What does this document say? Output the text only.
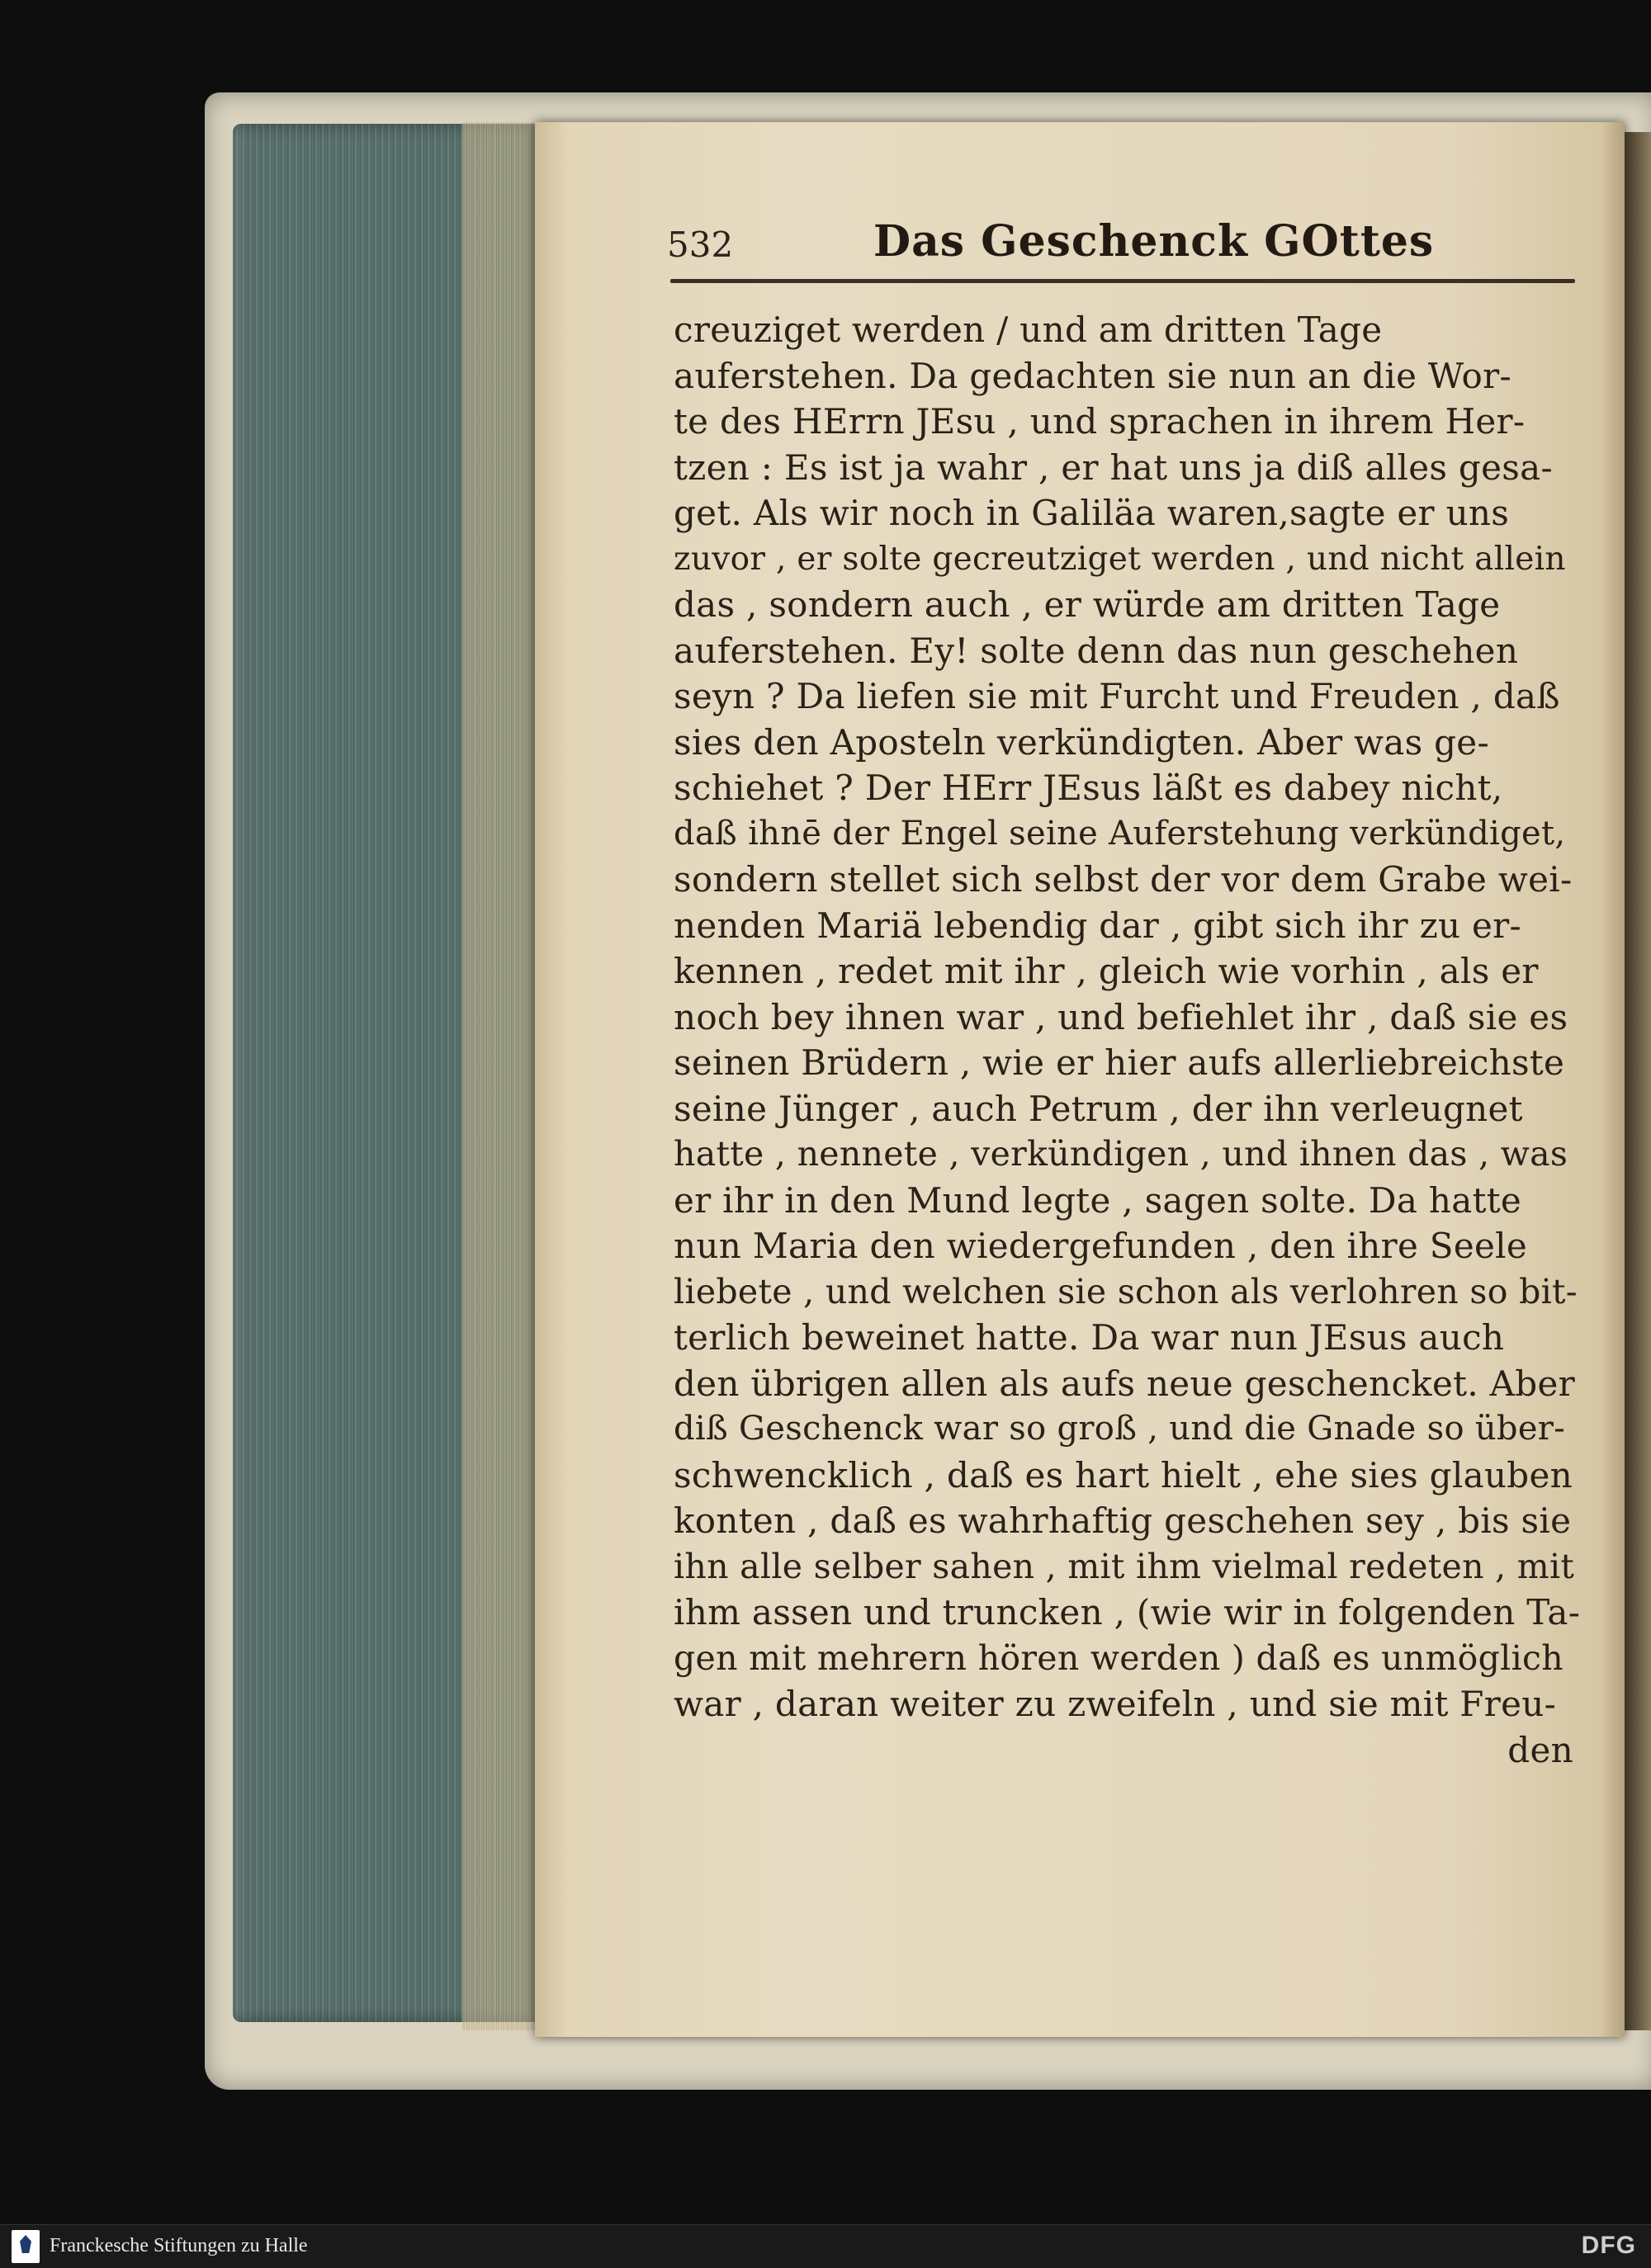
532	Das Geschenck GOttes
creuziget werden / und am dritten Tage
auferstehen. Da gedachten sie nun an die Wor-
te des HErrn JEsu , und sprachen in ihrem Her-
tzen : Es ist ja wahr , er hat uns ja diß alles gesa-
get. Als wir noch in Galiläa waren,sagte er uns
zuvor , er solte gecreutziget werden , und nicht allein
das , sondern auch , er würde am dritten Tage
auferstehen. Ey! solte denn das nun geschehen
seyn ? Da liefen sie mit Furcht und Freuden , daß
sies den Aposteln verkündigten. Aber was ge-
schiehet ? Der HErr JEsus läßt es dabey nicht,
daß ihnē der Engel seine Auferstehung verkündiget,
sondern stellet sich selbst der vor dem Grabe wei-
nenden Mariä lebendig dar , gibt sich ihr zu er-
kennen , redet mit ihr , gleich wie vorhin , als er
noch bey ihnen war , und befiehlet ihr , daß sie es
seinen Brüdern , wie er hier aufs allerliebreichste
seine Jünger , auch Petrum , der ihn verleugnet
hatte , nennete , verkündigen , und ihnen das , was
er ihr in den Mund legte , sagen solte. Da hatte
nun Maria den wiedergefunden , den ihre Seele
liebete , und welchen sie schon als verlohren so bit-
terlich beweinet hatte. Da war nun JEsus auch
den übrigen allen als aufs neue geschencket. Aber
diß Geschenck war so groß , und die Gnade so über-
schwencklich , daß es hart hielt , ehe sies glauben
konten , daß es wahrhaftig geschehen sey , bis sie
ihn alle selber sahen , mit ihm vielmal redeten , mit
ihm assen und truncken , (wie wir in folgenden Ta-
gen mit mehrern hören werden ) daß es unmöglich
war , daran weiter zu zweifeln , und sie mit Freu-
den
Franckesche Stiftungen zu Halle	DFG
